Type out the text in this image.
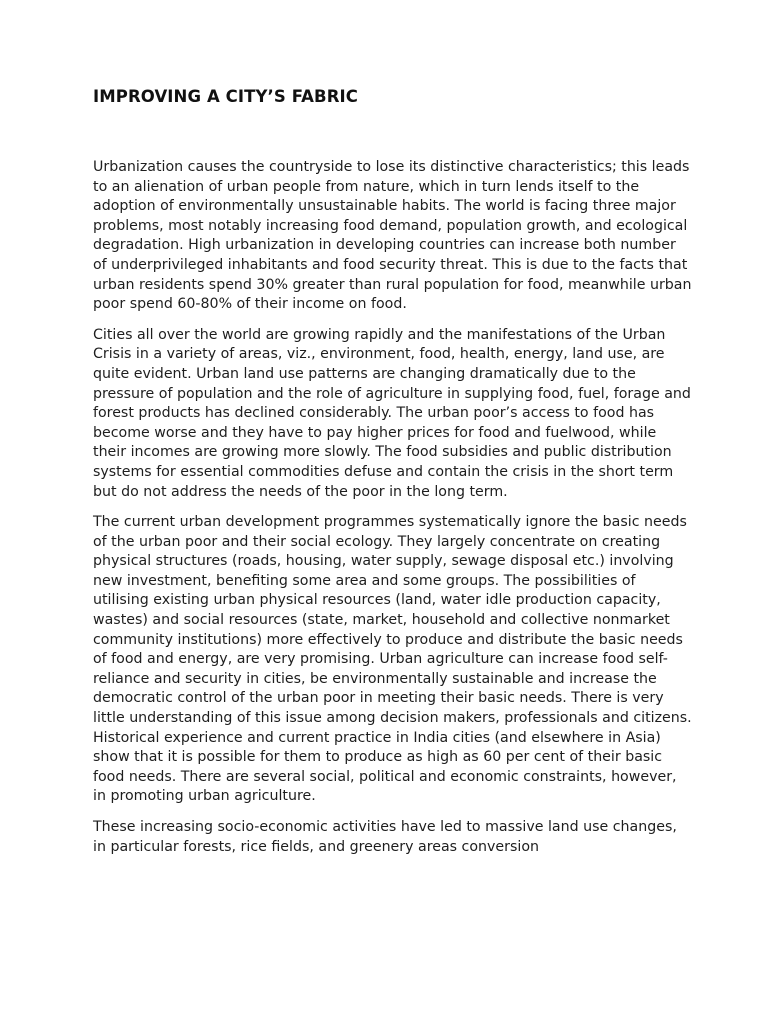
IMPROVING A CITY’S FABRIC

Urbanization causes the countryside to lose its distinctive characteristics; this leads to an alienation of urban people from nature, which in turn lends itself to the adoption of environmentally unsustainable habits. The world is facing three major problems, most notably increasing food demand, population growth, and ecological degradation. High urbanization in developing countries can increase both number of underprivileged inhabitants and food security threat. This is due to the facts that urban residents spend 30% greater than rural population for food, meanwhile urban poor spend 60-80% of their income on food.

Cities all over the world are growing rapidly and the manifestations of the Urban Crisis in a variety of areas, viz., environment, food, health, energy, land use, are quite evident. Urban land use patterns are changing dramatically due to the pressure of population and the role of agriculture in supplying food, fuel, forage and forest products has declined considerably. The urban poor’s access to food has become worse and they have to pay higher prices for food and fuelwood, while their incomes are growing more slowly. The food subsidies and public distribution systems for essential commodities defuse and contain the crisis in the short term but do not address the needs of the poor in the long term.

The current urban development programmes systematically ignore the basic needs of the urban poor and their social ecology. They largely concentrate on creating physical structures (roads, housing, water supply, sewage disposal etc.) involving new investment, benefiting some area and some groups. The possibilities of utilising existing urban physical resources (land, water idle production capacity, wastes) and social resources (state, market, household and collective nonmarket community institutions) more effectively to produce and distribute the basic needs of food and energy, are very promising. Urban agriculture can increase food self-reliance and security in cities, be environmentally sustainable and increase the democratic control of the urban poor in meeting their basic needs. There is very little understanding of this issue among decision makers, professionals and citizens. Historical experience and current practice in India cities (and elsewhere in Asia) show that it is possible for them to produce as high as 60 per cent of their basic food needs. There are several social, political and economic constraints, however, in promoting urban agriculture.

These increasing socio-economic activities have led to massive land use changes, in particular forests, rice fields, and greenery areas conversion
